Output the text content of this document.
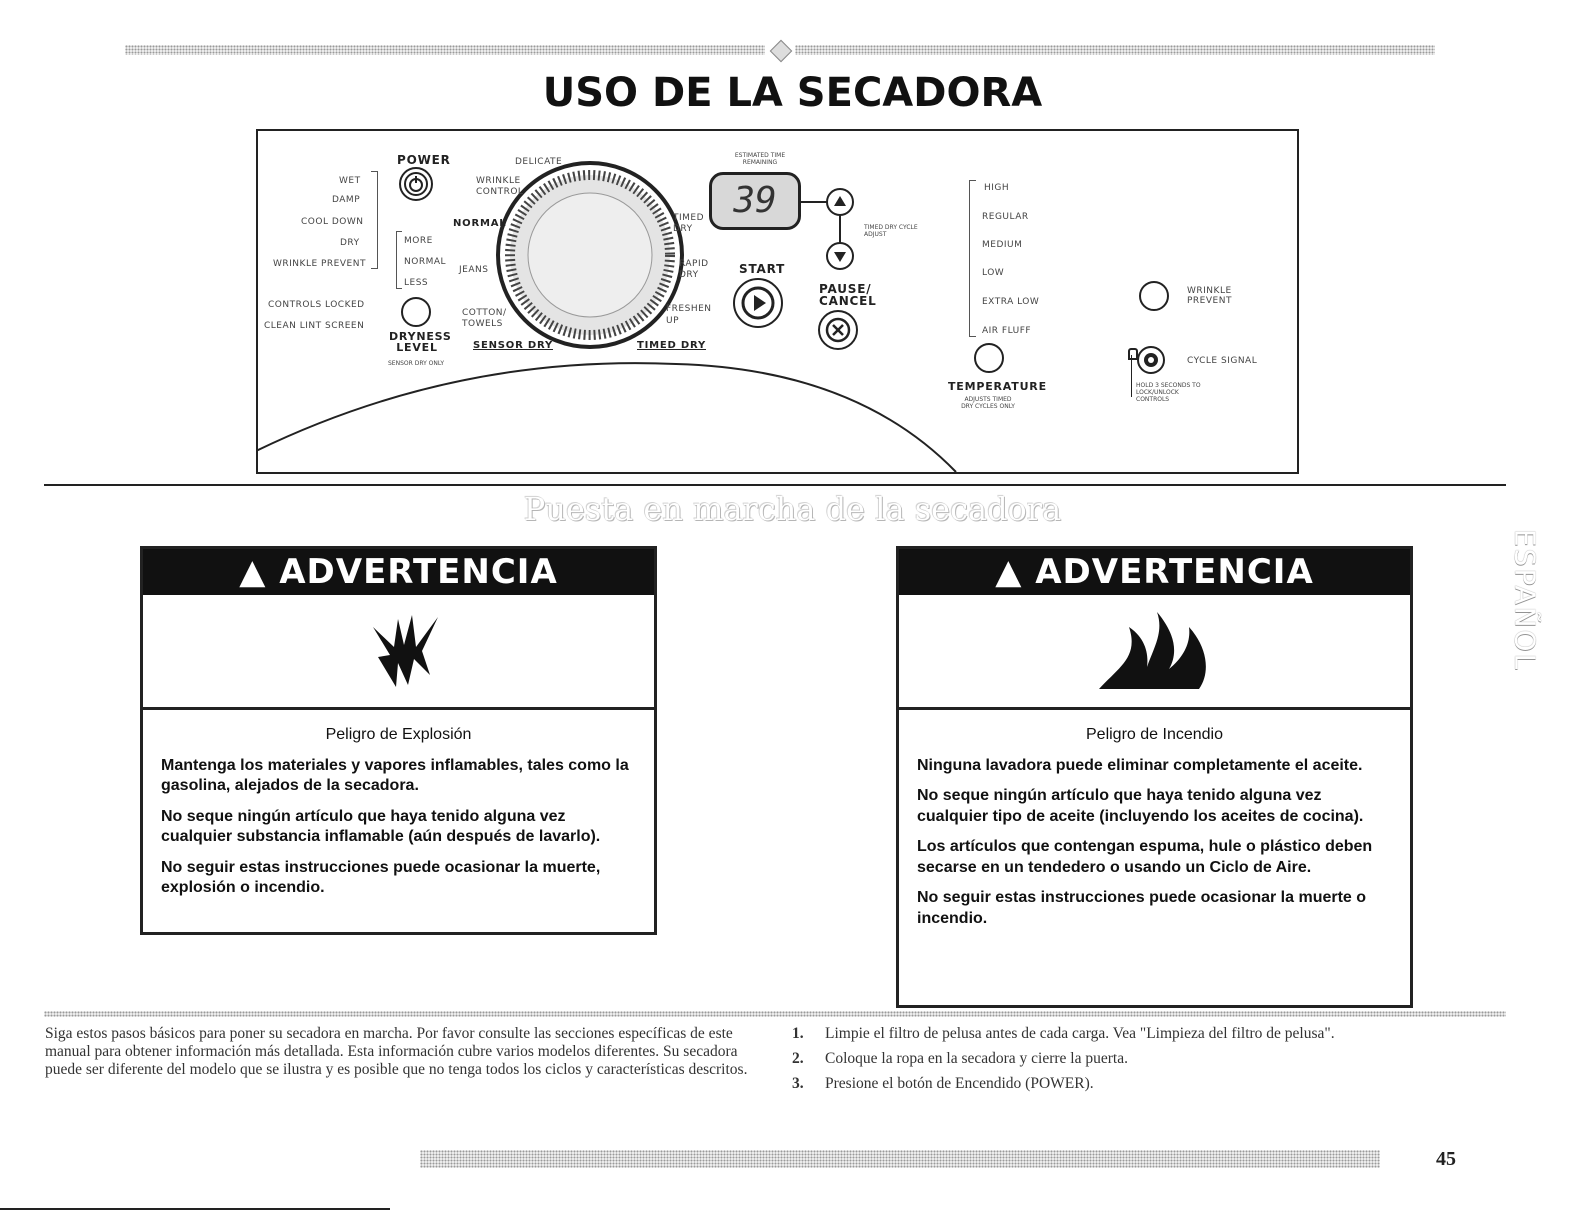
USO DE LA SECADORA
POWER
WET
DAMP
COOL DOWN
DRY
WRINKLE PREVENT
CONTROLS LOCKED
CLEAN LINT SCREEN
MORE
NORMAL
LESS
DRYNESS LEVEL
SENSOR DRY ONLY
DELICATE
WRINKLE CONTROL
NORMAL
JEANS
COTTON/ TOWELS
TIMED DRY
RAPID DRY
FRESHEN UP
SENSOR DRY	TIMED DRY
ESTIMATED TIME REMAINING
39
TIMED DRY CYCLE ADJUST
START
PAUSE/ CANCEL
HIGH
REGULAR
MEDIUM
LOW
EXTRA LOW
AIR FLUFF
TEMPERATURE
ADJUSTS TIMED DRY CYCLES ONLY
WRINKLE PREVENT
CYCLE SIGNAL
HOLD 3 SECONDS TO LOCK/UNLOCK CONTROLS
Puesta en marcha de la secadora
▲ ADVERTENCIA
Peligro de Explosión

Mantenga los materiales y vapores inflamables, tales como la gasolina, alejados de la secadora.

No seque ningún artículo que haya tenido alguna vez cualquier substancia inflamable (aún después de lavarlo).

No seguir estas instrucciones puede ocasionar la muerte, explosión o incendio.

▲ ADVERTENCIA
Peligro de Incendio

Ninguna lavadora puede eliminar completamente el aceite.

No seque ningún artículo que haya tenido alguna vez cualquier tipo de aceite (incluyendo los aceites de cocina).

Los artículos que contengan espuma, hule o plástico deben secarse en un tendedero o usando un Ciclo de Aire.

No seguir estas instrucciones puede ocasionar la muerte o incendio.

ESPAÑOL
Siga estos pasos básicos para poner su secadora en marcha. Por favor consulte las secciones específicas de este manual para obtener información más detallada. Esta información cubre varios modelos diferentes. Su secadora puede ser diferente del modelo que se ilustra y es posible que no tenga todos los ciclos y características descritos.
1. Limpie el filtro de pelusa antes de cada carga. Vea "Limpieza del filtro de pelusa".
2. Coloque la ropa en la secadora y cierre la puerta.
3. Presione el botón de Encendido (POWER).
45
